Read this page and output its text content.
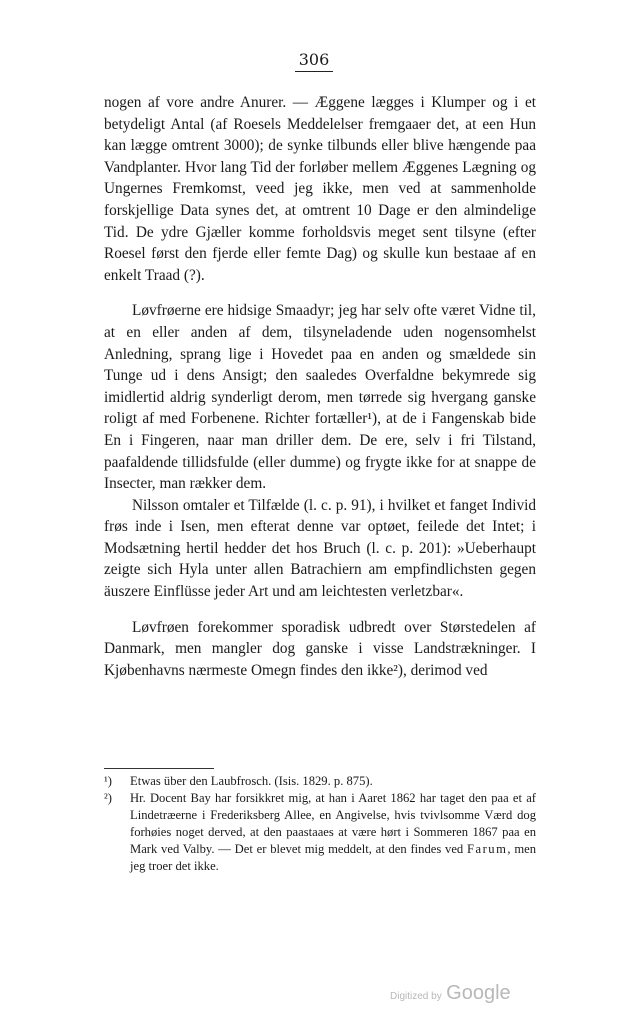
306

nogen af vore andre Anurer. — Æggene lægges i Klumper og i et betydeligt Antal (af Roesels Meddelelser fremgaaer det, at een Hun kan lægge omtrent 3000); de synke tilbunds eller blive hængende paa Vandplanter. Hvor lang Tid der forløber mellem Æggenes Lægning og Ungernes Fremkomst, veed jeg ikke, men ved at sammenholde forskjellige Data synes det, at omtrent 10 Dage er den almindelige Tid. De ydre Gjæller komme forholdsvis meget sent tilsyne (efter Roesel først den fjerde eller femte Dag) og skulle kun bestaae af en enkelt Traad (?).

Løvfrøerne ere hidsige Smaadyr; jeg har selv ofte været Vidne til, at en eller anden af dem, tilsyneladende uden nogensomhelst Anledning, sprang lige i Hovedet paa en anden og smældede sin Tunge ud i dens Ansigt; den saaledes Overfaldne bekymrede sig imidlertid aldrig synderligt derom, men tørrede sig hvergang ganske roligt af med Forbenene. Richter fortæller¹), at de i Fangenskab bide En i Fingeren, naar man driller dem. De ere, selv i fri Tilstand, paafaldende tillidsfulde (eller dumme) og frygte ikke for at snappe de Insecter, man rækker dem.

Nilsson omtaler et Tilfælde (l. c. p. 91), i hvilket et fanget Individ frøs inde i Isen, men efterat denne var optøet, feilede det Intet; i Modsætning hertil hedder det hos Bruch (l. c. p. 201): »Ueberhaupt zeigte sich Hyla unter allen Batrachiern am empfindlichsten gegen äuszere Einflüsse jeder Art und am leichtesten verletzbar«.

Løvfrøen forekommer sporadisk udbredt over Størstedelen af Danmark, men mangler dog ganske i visse Landstrækninger. I Kjøbenhavns nærmeste Omegn findes den ikke²), derimod ved

¹)	Etwas über den Laubfrosch. (Isis. 1829. p. 875).
²)	Hr. Docent Bay har forsikkret mig, at han i Aaret 1862 har taget den paa et af Lindetræerne i Frederiksberg Allee, en Angivelse, hvis tvivlsomme Værd dog forhøies noget derved, at den paastaaes at være hørt i Sommeren 1867 paa en Mark ved Valby. — Det er blevet mig meddelt, at den findes ved Farum, men jeg troer det ikke.
Digitized by Google
